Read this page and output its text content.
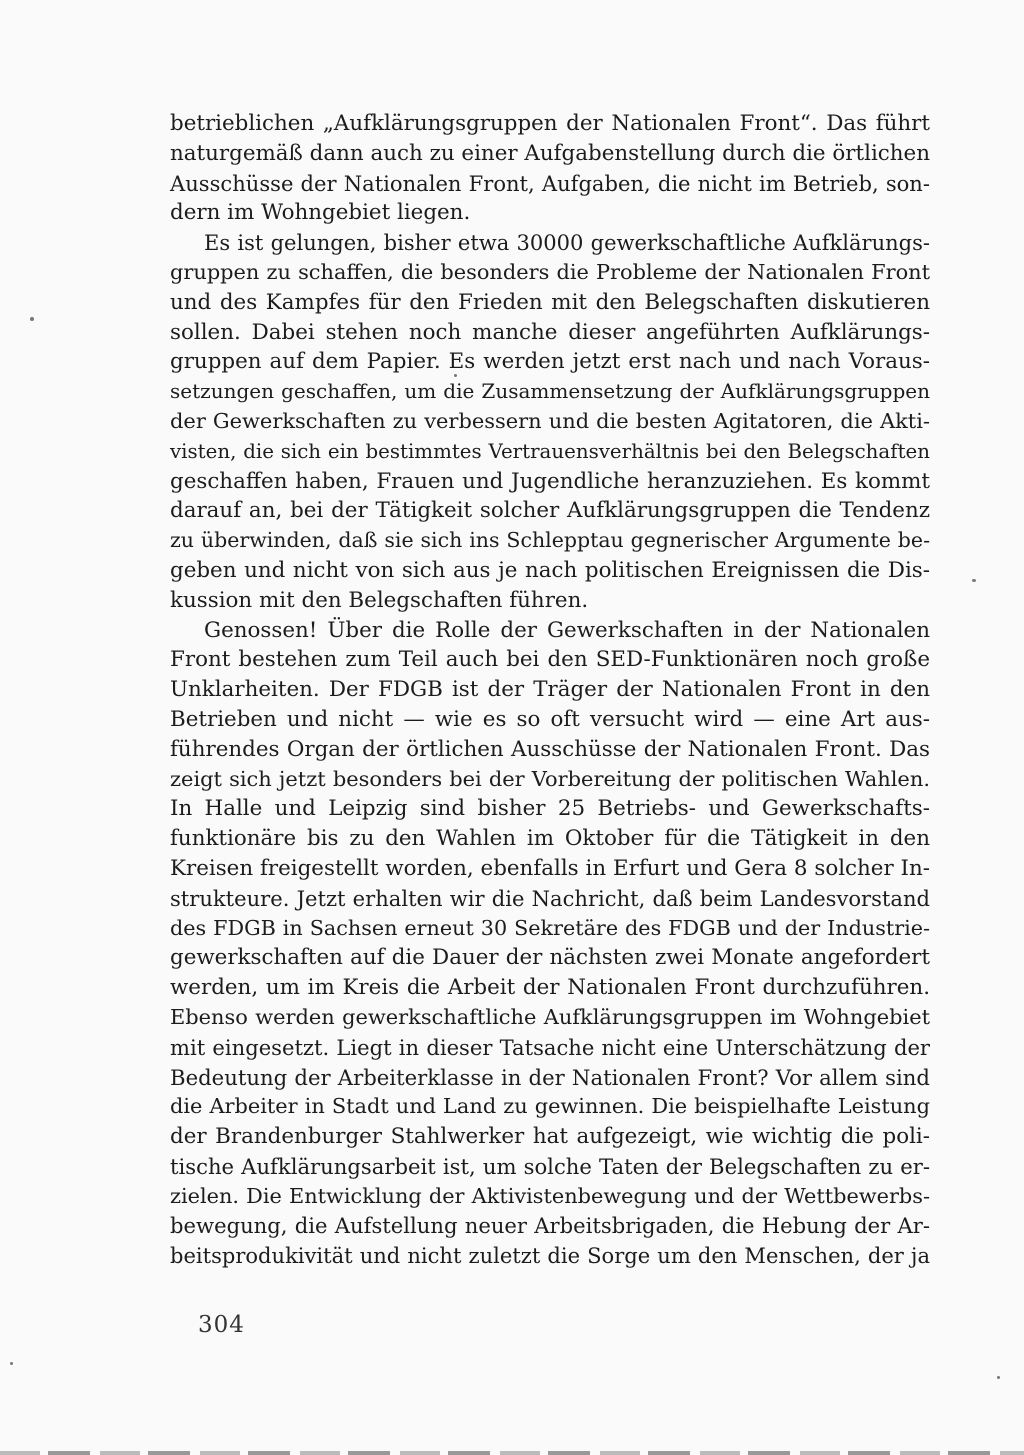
betrieblichen „Aufklärungsgruppen der Nationalen Front“. Das führt
naturgemäß dann auch zu einer Aufgabenstellung durch die örtlichen
Ausschüsse der Nationalen Front, Aufgaben, die nicht im Betrieb, son-
dern im Wohngebiet liegen.
Es ist gelungen, bisher etwa 30000 gewerkschaftliche Aufklärungs-
gruppen zu schaffen, die besonders die Probleme der Nationalen Front
und des Kampfes für den Frieden mit den Belegschaften diskutieren
sollen. Dabei stehen noch manche dieser angeführten Aufklärungs-
gruppen auf dem Papier. Es werden jetzt erst nach und nach Voraus-
setzungen geschaffen, um die Zusammensetzung der Aufklärungsgruppen
der Gewerkschaften zu verbessern und die besten Agitatoren, die Akti-
visten, die sich ein bestimmtes Vertrauensverhältnis bei den Belegschaften
geschaffen haben, Frauen und Jugendliche heranzuziehen. Es kommt
darauf an, bei der Tätigkeit solcher Aufklärungsgruppen die Tendenz
zu überwinden, daß sie sich ins Schlepptau gegnerischer Argumente be-
geben und nicht von sich aus je nach politischen Ereignissen die Dis-
kussion mit den Belegschaften führen.
Genossen! Über die Rolle der Gewerkschaften in der Nationalen
Front bestehen zum Teil auch bei den SED-Funktionären noch große
Unklarheiten. Der FDGB ist der Träger der Nationalen Front in den
Betrieben und nicht — wie es so oft versucht wird — eine Art aus-
führendes Organ der örtlichen Ausschüsse der Nationalen Front. Das
zeigt sich jetzt besonders bei der Vorbereitung der politischen Wahlen.
In Halle und Leipzig sind bisher 25 Betriebs- und Gewerkschafts-
funktionäre bis zu den Wahlen im Oktober für die Tätigkeit in den
Kreisen freigestellt worden, ebenfalls in Erfurt und Gera 8 solcher In-
strukteure. Jetzt erhalten wir die Nachricht, daß beim Landesvorstand
des FDGB in Sachsen erneut 30 Sekretäre des FDGB und der Industrie-
gewerkschaften auf die Dauer der nächsten zwei Monate angefordert
werden, um im Kreis die Arbeit der Nationalen Front durchzuführen.
Ebenso werden gewerkschaftliche Aufklärungsgruppen im Wohngebiet
mit eingesetzt. Liegt in dieser Tatsache nicht eine Unterschätzung der
Bedeutung der Arbeiterklasse in der Nationalen Front? Vor allem sind
die Arbeiter in Stadt und Land zu gewinnen. Die beispielhafte Leistung
der Brandenburger Stahlwerker hat aufgezeigt, wie wichtig die poli-
tische Aufklärungsarbeit ist, um solche Taten der Belegschaften zu er-
zielen. Die Entwicklung der Aktivistenbewegung und der Wettbewerbs-
bewegung, die Aufstellung neuer Arbeitsbrigaden, die Hebung der Ar-
beitsprodukivität und nicht zuletzt die Sorge um den Menschen, der ja
304
